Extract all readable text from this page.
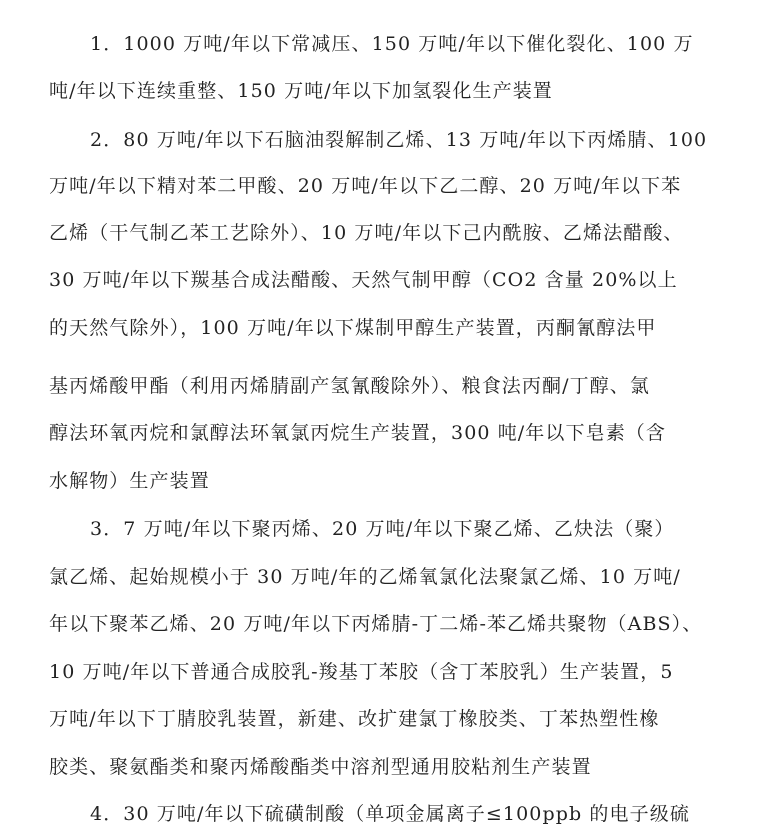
1．1000 万吨/年以下常减压、150 万吨/年以下催化裂化、100 万
吨/年以下连续重整、150 万吨/年以下加氢裂化生产装置
2．80 万吨/年以下石脑油裂解制乙烯、13 万吨/年以下丙烯腈、100
万吨/年以下精对苯二甲酸、20 万吨/年以下乙二醇、20 万吨/年以下苯
乙烯（干气制乙苯工艺除外）、10 万吨/年以下己内酰胺、乙烯法醋酸、
30 万吨/年以下羰基合成法醋酸、天然气制甲醇（CO2 含量 20%以上
的天然气除外），100 万吨/年以下煤制甲醇生产装置，丙酮氰醇法甲
基丙烯酸甲酯（利用丙烯腈副产氢氰酸除外）、粮食法丙酮/丁醇、氯
醇法环氧丙烷和氯醇法环氧氯丙烷生产装置，300 吨/年以下皂素（含
水解物）生产装置
3．7 万吨/年以下聚丙烯、20 万吨/年以下聚乙烯、乙炔法（聚）
氯乙烯、起始规模小于 30 万吨/年的乙烯氧氯化法聚氯乙烯、10 万吨/
年以下聚苯乙烯、20 万吨/年以下丙烯腈-丁二烯-苯乙烯共聚物（ABS）、
10 万吨/年以下普通合成胶乳-羧基丁苯胶（含丁苯胶乳）生产装置，5
万吨/年以下丁腈胶乳装置，新建、改扩建氯丁橡胶类、丁苯热塑性橡
胶类、聚氨酯类和聚丙烯酸酯类中溶剂型通用胶粘剂生产装置
4．30 万吨/年以下硫磺制酸（单项金属离子≤100ppb 的电子级硫
